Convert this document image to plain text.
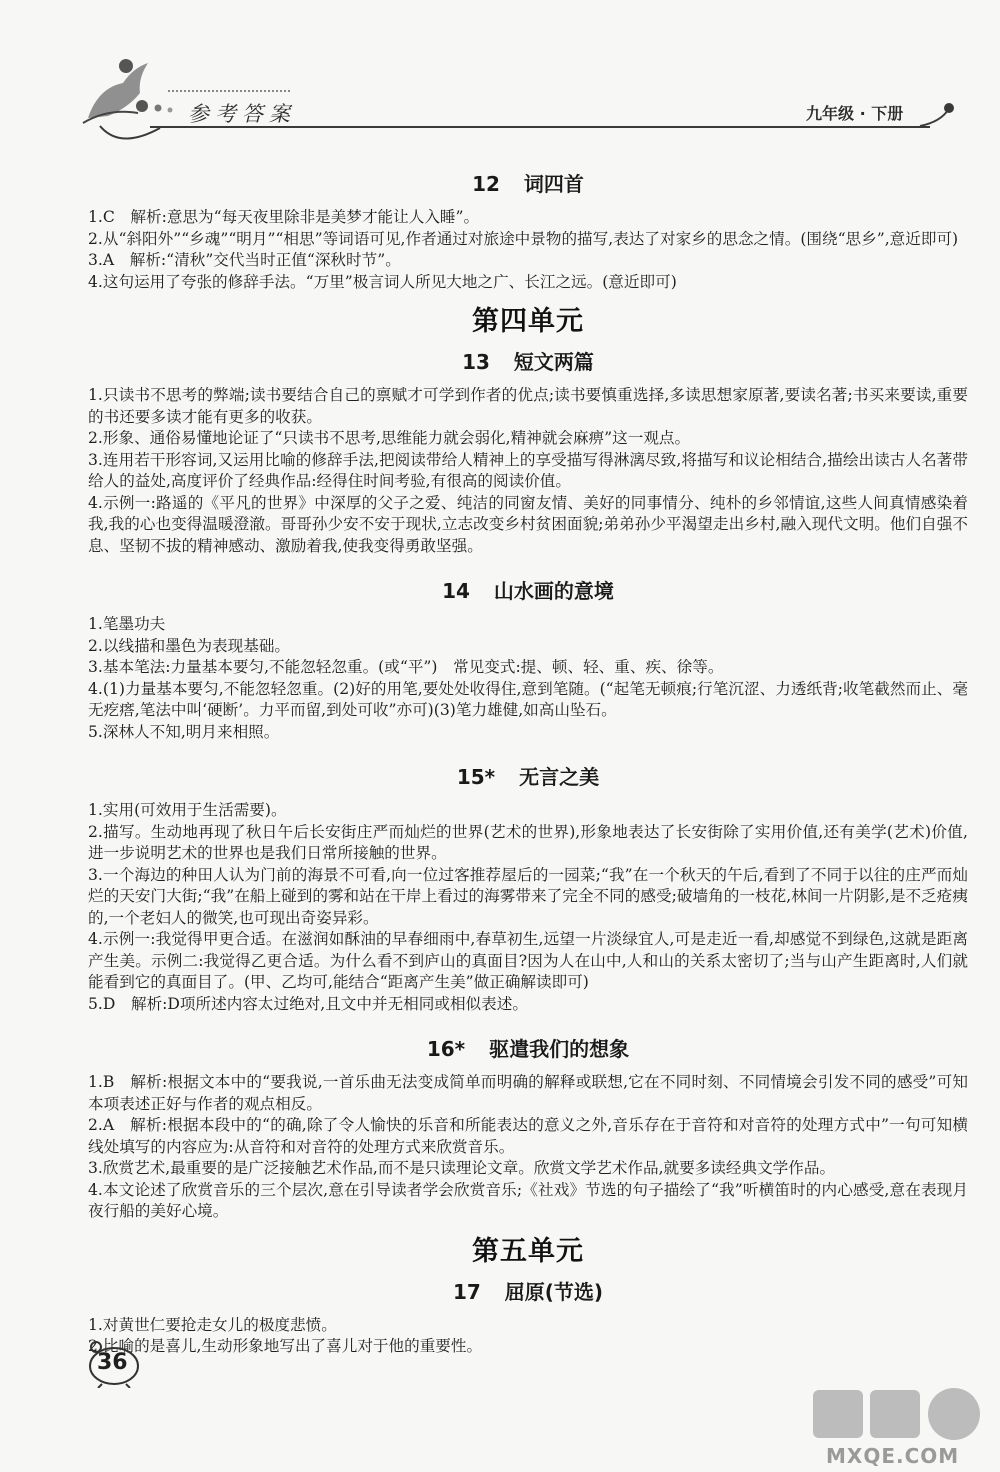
参考答案	九年级 · 下册
12 词四首

1.C　解析:意思为“每天夜里除非是美梦才能让人入睡”。

2.从“斜阳外”“乡魂”“明月”“相思”等词语可见,作者通过对旅途中景物的描写,表达了对家乡的思念之情。(围绕“思乡”,意近即可)

3.A　解析:“清秋”交代当时正值“深秋时节”。

4.这句运用了夸张的修辞手法。“万里”极言词人所见大地之广、长江之远。(意近即可)

第四单元
13 短文两篇

1.只读书不思考的弊端;读书要结合自己的禀赋才可学到作者的优点;读书要慎重选择,多读思想家原著,要读名著;书买来要读,重要的书还要多读才能有更多的收获。

2.形象、通俗易懂地论证了“只读书不思考,思维能力就会弱化,精神就会麻痹”这一观点。

3.连用若干形容词,又运用比喻的修辞手法,把阅读带给人精神上的享受描写得淋漓尽致,将描写和议论相结合,描绘出读古人名著带给人的益处,高度评价了经典作品:经得住时间考验,有很高的阅读价值。

4.示例一:路遥的《平凡的世界》中深厚的父子之爱、纯洁的同窗友情、美好的同事情分、纯朴的乡邻情谊,这些人间真情感染着我,我的心也变得温暖澄澈。哥哥孙少安不安于现状,立志改变乡村贫困面貌;弟弟孙少平渴望走出乡村,融入现代文明。他们自强不息、坚韧不拔的精神感动、激励着我,使我变得勇敢坚强。

14 山水画的意境

1.笔墨功夫

2.以线描和墨色为表现基础。

3.基本笔法:力量基本要匀,不能忽轻忽重。(或“平”)　常见变式:提、顿、轻、重、疾、徐等。

4.(1)力量基本要匀,不能忽轻忽重。(2)好的用笔,要处处收得住,意到笔随。(“起笔无顿痕;行笔沉涩、力透纸背;收笔截然而止、毫无疙瘩,笔法中叫‘硬断’。力平而留,到处可收”亦可)(3)笔力雄健,如高山坠石。

5.深林人不知,明月来相照。

15* 无言之美

1.实用(可效用于生活需要)。

2.描写。生动地再现了秋日午后长安街庄严而灿烂的世界(艺术的世界),形象地表达了长安街除了实用价值,还有美学(艺术)价值,进一步说明艺术的世界也是我们日常所接触的世界。

3.一个海边的种田人认为门前的海景不可看,向一位过客推荐屋后的一园菜;“我”在一个秋天的午后,看到了不同于以往的庄严而灿烂的天安门大街;“我”在船上碰到的雾和站在干岸上看过的海雾带来了完全不同的感受;破墙角的一枝花,林间一片阴影,是不乏疮痍的,一个老妇人的微笑,也可现出奇姿异彩。

4.示例一:我觉得甲更合适。在滋润如酥油的早春细雨中,春草初生,远望一片淡绿宜人,可是走近一看,却感觉不到绿色,这就是距离产生美。示例二:我觉得乙更合适。为什么看不到庐山的真面目?因为人在山中,人和山的关系太密切了;当与山产生距离时,人们就能看到它的真面目了。(甲、乙均可,能结合“距离产生美”做正确解读即可)

5.D　解析:D项所述内容太过绝对,且文中并无相同或相似表述。

16* 驱遣我们的想象

1.B　解析:根据文本中的“要我说,一首乐曲无法变成简单而明确的解释或联想,它在不同时刻、不同情境会引发不同的感受”可知本项表述正好与作者的观点相反。

2.A　解析:根据本段中的“的确,除了令人愉快的乐音和所能表达的意义之外,音乐存在于音符和对音符的处理方式中”一句可知横线处填写的内容应为:从音符和对音符的处理方式来欣赏音乐。

3.欣赏艺术,最重要的是广泛接触艺术作品,而不是只读理论文章。欣赏文学艺术作品,就要多读经典文学作品。

4.本文论述了欣赏音乐的三个层次,意在引导读者学会欣赏音乐;《社戏》节选的句子描绘了“我”听横笛时的内心感受,意在表现月夜行船的美好心境。

第五单元
17 屈原(节选)

1.对黄世仁要抢走女儿的极度悲愤。

2.比喻的是喜儿,生动形象地写出了喜儿对于他的重要性。

36
MXQE.COM
